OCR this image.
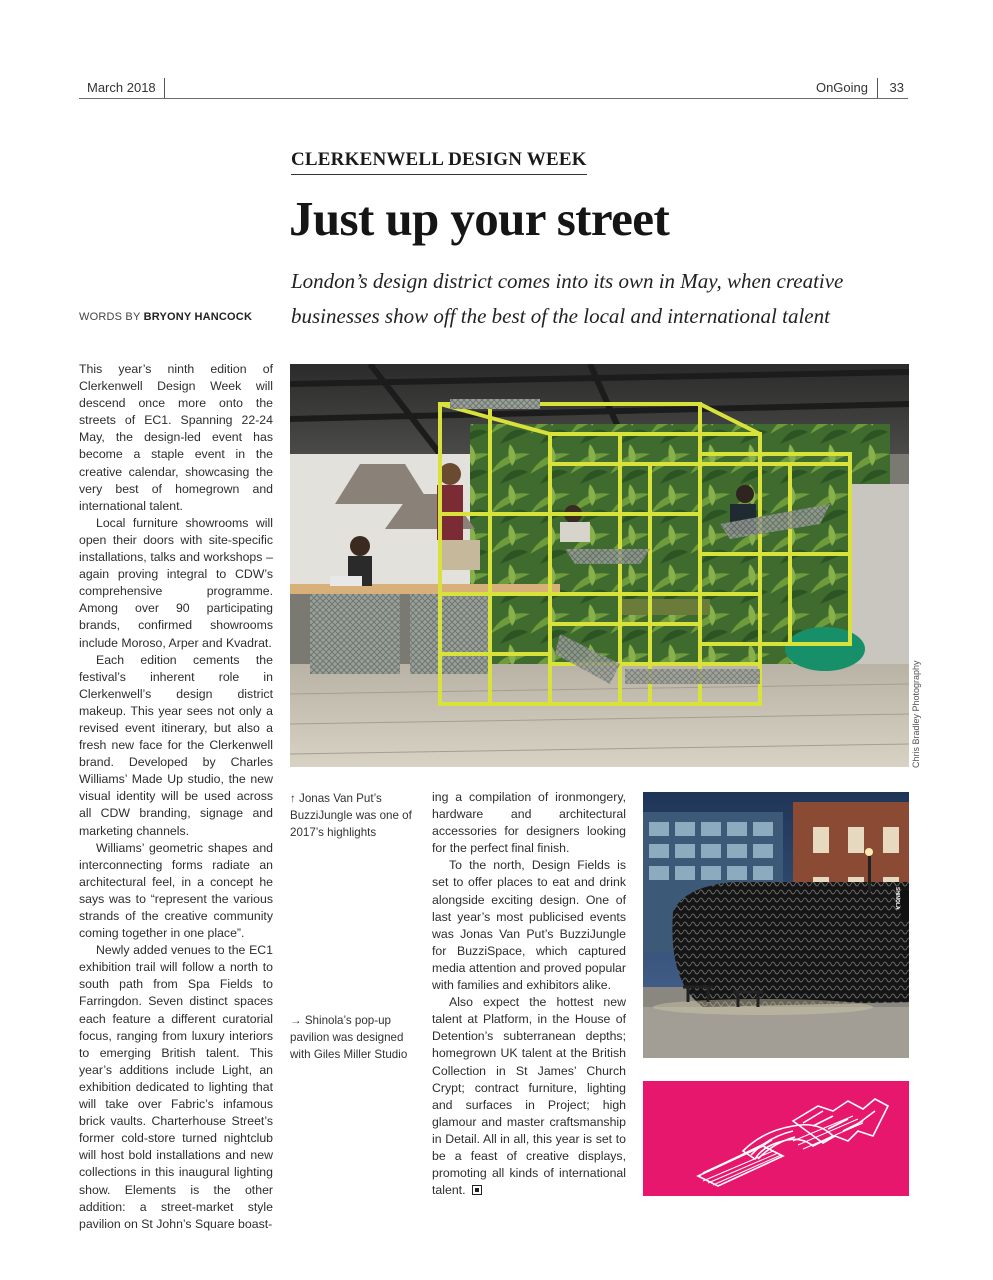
March 2018	OnGoing 33
CLERKENWELL DESIGN WEEK
Just up your street

London’s design district comes into its own in May, when creative businesses show off the best of the local and international talent

WORDS BY BRYONY HANCOCK

This year’s ninth edition of Clerkenwell Design Week will descend once more onto the streets of EC1. Spanning 22-24 May, the design-led event has become a staple event in the creative calendar, showcasing the very best of homegrown and international talent.

Local furniture showrooms will open their doors with site-specific installations, talks and workshops – again proving integral to CDW’s comprehensive programme. Among over 90 participating brands, confirmed showrooms include Moroso, Arper and Kvadrat.

Each edition cements the festival’s inherent role in Clerkenwell’s design district makeup. This year sees not only a revised event itinerary, but also a fresh new face for the Clerkenwell brand. Developed by Charles Williams’ Made Up studio, the new visual identity will be used across all CDW branding, signage and marketing channels.

Williams’ geometric shapes and interconnecting forms radiate an architectural feel, in a concept he says was to “represent the various strands of the creative community coming together in one place”.

Newly added venues to the EC1 exhibition trail will follow a north to south path from Spa Fields to Farringdon. Seven distinct spaces each feature a different curatorial focus, ranging from luxury interiors to emerging British talent. This year’s additions include Light, an exhibition dedicated to lighting that will take over Fabric’s infamous brick vaults. Charterhouse Street’s former cold-store turned nightclub will host bold installations and new collections in this inaugural lighting show. Elements is the other addition: a street-market style pavilion on St John’s Square boast-

Chris Bradley Photography

↑ Jonas Van Put’s BuzziJungle was one of 2017’s highlights

→ Shinola’s pop-up pavilion was designed with Giles Miller Studio

ing a compilation of ironmongery, hardware and architectural accessories for designers looking for the perfect final finish.

To the north, Design Fields is set to offer places to eat and drink alongside exciting design. One of last year’s most publicised events was Jonas Van Put’s BuzziJungle for BuzziSpace, which captured media attention and proved popular with families and exhibitors alike.

Also expect the hottest new talent at Platform, in the House of Detention’s subterranean depths; homegrown UK talent at the British Collection in St James’ Church Crypt; contract furniture, lighting and surfaces in Project; high glamour and master craftsmanship in Detail. All in all, this year is set to be a feast of creative displays, promoting all kinds of international talent.

SHINOLA
